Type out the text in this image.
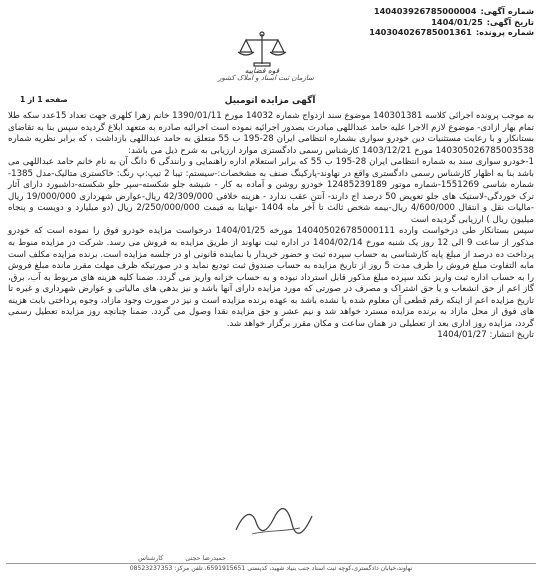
شماره آگهی:
140403926785000004
تاریخ آگهی:
1404/01/25
شماره پرونده:
140304026785001361
قوه قضاییه
سازمان ثبت اسناد و املاک کشور
صفحه 1 از 1	آگهی مزایده اتومبیل

به موجب پرونده اجرائی کلاسه 140301381 موضوع سند ازدواج شماره 14032 مورخ 1390/01/11 خانم زهرا کلهری جهت تعداد 15عدد سکه طلا تمام بهار ازادی- موضوع لازم الاجرا علیه حامد عبداللهی مبادرت بصدور اجرائیه نموده است اجرائیه صادره به متعهد ابلاغ گردیده سپس بنا به تقاضای بستانکار و با رعایت مستثنیات دین خودرو سواری بشماره انتظامی ایران 28-195 ب 55 متعلق به حامد عبداللهی بازداشت ، که برابر نظریه شماره 140305026785003538 مورخ 1403/12/21 کارشناس رسمی دادگستری موارد ارزیابی به شرح ذیل می باشد:

1-خودرو سواری سند به شماره انتظامی ایران 28-195 ب 55 که برابر استعلام اداره راهنمایی و رانندگی 6 دانگ آن به نام خانم حامد عبداللهی می باشد بنا به اظهار کارشناس رسمی دادگستری واقع در نهاوند-پارکینگ صنف به مشخصات:-سیستم: تیبا 2 تیپ:پ رنگ: خاکستری متالیک-مدل 1385-شماره شاسی 1551269-شماره موتور 12485239189 خودرو روشن و آماده به کار - شیشه جلو شکسته-سپر جلو شکسته-داشبورد دارای آثار ترک خوردگی-لاستیک های جلو تعویض 50 درصد اج دارند- آنتن عقب ندارد - هزینه خلافی 42/309/000 ریال-عوارض شهرداری 19/000/000 ریال -مالیات نقل و انتقال 4/600/000 ریال-بیمه شخص ثالث تا آخر ماه 1404 -نهایتا به قیمت 2/250/000/000 ریال (دو میلیارد و دویست و پنجاه میلیون ریال ) ارزیابی گردیده است

سپس بستانکار طی درخواست وارده 140405026785000111 مورخه 1404/01/25 درخواست مزایده خودرو فوق را نموده است که خودرو مذکور از ساعت 9 الی 12 روز یک شنبه مورخ 1404/02/14 در اداره ثبت نهاوند از طریق مزایده به فروش می رسد. شرکت در مزایده منوط به پرداخت ده درصد از مبلغ پایه کارشناسی به حساب سپرده ثبت و حضور خریدار یا نماینده قانونی او در جلسه مزایده است. برنده مزایده مکلف است مابه التفاوت مبلغ فروش را ظرف مدت 5 روز از تاریخ مزایده به حساب صندوق ثبت تودیع نماید و در صورتیکه ظرف مهلت مقرر مانده مبلغ فروش را به حساب اداره ثبت واریز نکند سپرده مبلغ مذکور قابل استرداد نبوده و به حساب خزانه واریز می گردد. ضمنا کلیه هزینه های مربوط به آب، برق، گاز اعم از حق انشعاب و یا حق اشتراک و مصرف در صورتی که مورد مزایده دارای آنها باشد و نیز بدهی های مالیاتی و عوارض شهرداری و غیره تا تاریخ مزایده اعم از اینکه رقم قطعی آن معلوم شده یا نشده باشد به عهده برنده مزایده است و نیز در صورت وجود مازاد، وجوه پرداختی بابت هزینه های فوق از محل مازاد به برنده مزایده مسترد خواهد شد و نیم عشر و حق مزایده نقدا وصول می گردد. ضمنا چنانچه روز مزایده تعطیل رسمی گردد، مزایده روز اداری بعد از تعطیلی در همان ساعت و مکان مقرر برگزار خواهد شد.

تاریخ انتشار: 1404/01/27

حمیدرضا حجتی
کارشناس
نهاوند،خیابان دادگستری،کوچه ثبت اسناد جنب بنیاد شهید، کدپستی 6591915651، تلفن مرکز: 08523237353
